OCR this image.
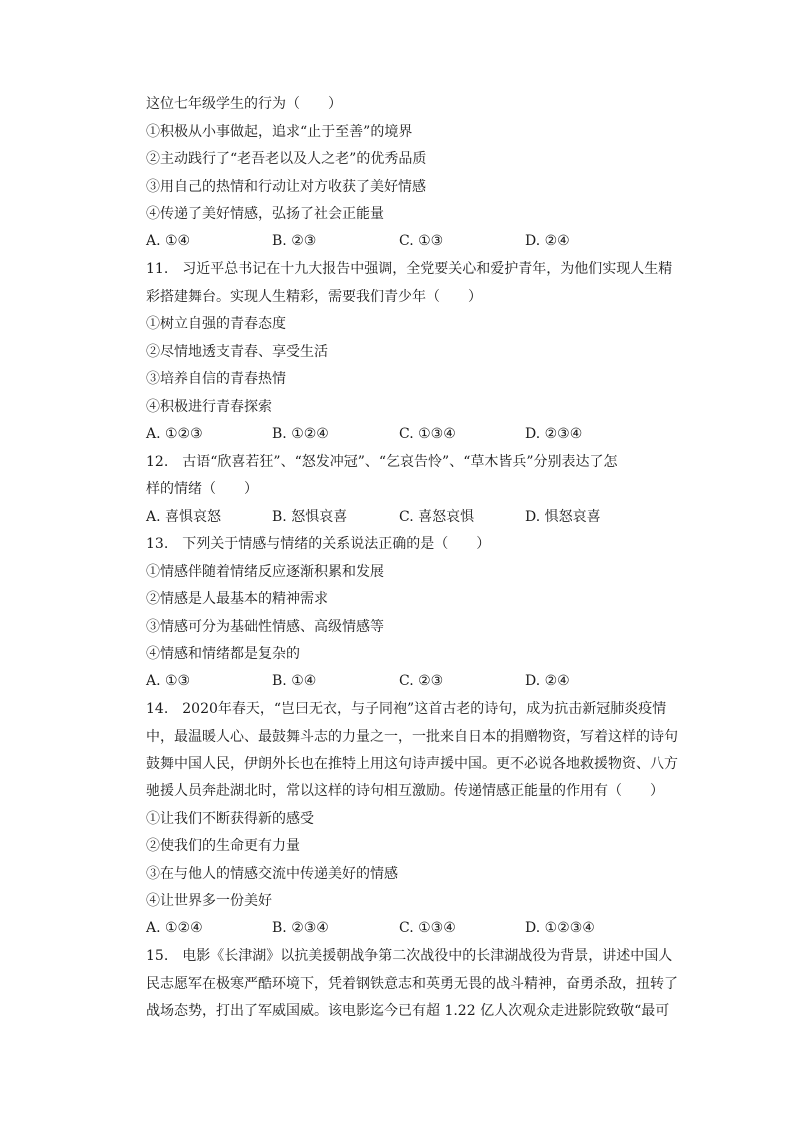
这位七年级学生的行为（　　）
①积极从小事做起，追求“止于至善”的境界
②主动践行了“老吾老以及人之老”的优秀品质
③用自己的热情和行动让对方收获了美好情感
④传递了美好情感，弘扬了社会正能量
A. ①④	B. ②③	C. ①③	D. ②④
11.　习近平总书记在十九大报告中强调，全党要关心和爱护青年，为他们实现人生精
彩搭建舞台。实现人生精彩，需要我们青少年（　　）
①树立自强的青春态度
②尽情地透支青春、享受生活
③培养自信的青春热情
④积极进行青春探索
A. ①②③	B. ①②④	C. ①③④	D. ②③④
12.　古语“欣喜若狂”、“怒发冲冠”、“乞哀告怜”、“草木皆兵”分别表达了怎
样的情绪（　　）
A. 喜惧哀怒	B. 怒惧哀喜	C. 喜怒哀惧	D. 惧怒哀喜
13.　下列关于情感与情绪的关系说法正确的是（　　）
①情感伴随着情绪反应逐渐积累和发展
②情感是人最基本的精神需求
③情感可分为基础性情感、高级情感等
④情感和情绪都是复杂的
A. ①③	B. ①④	C. ②③	D. ②④
14.　2020年春天，“岂曰无衣，与子同袍”这首古老的诗句，成为抗击新冠肺炎疫情
中，最温暖人心、最鼓舞斗志的力量之一，一批来自日本的捐赠物资，写着这样的诗句
鼓舞中国人民，伊朗外长也在推特上用这句诗声援中国。更不必说各地救援物资、八方
驰援人员奔赴湖北时，常以这样的诗句相互激励。传递情感正能量的作用有（　　）
①让我们不断获得新的感受
②使我们的生命更有力量
③在与他人的情感交流中传递美好的情感
④让世界多一份美好
A. ①②④	B. ②③④	C. ①③④	D. ①②③④
15.　电影《长津湖》以抗美援朝战争第二次战役中的长津湖战役为背景，讲述中国人
民志愿军在极寒严酷环境下，凭着钢铁意志和英勇无畏的战斗精神，奋勇杀敌，扭转了
战场态势，打出了军威国威。该电影迄今已有超 1.22 亿人次观众走进影院致敬“最可
